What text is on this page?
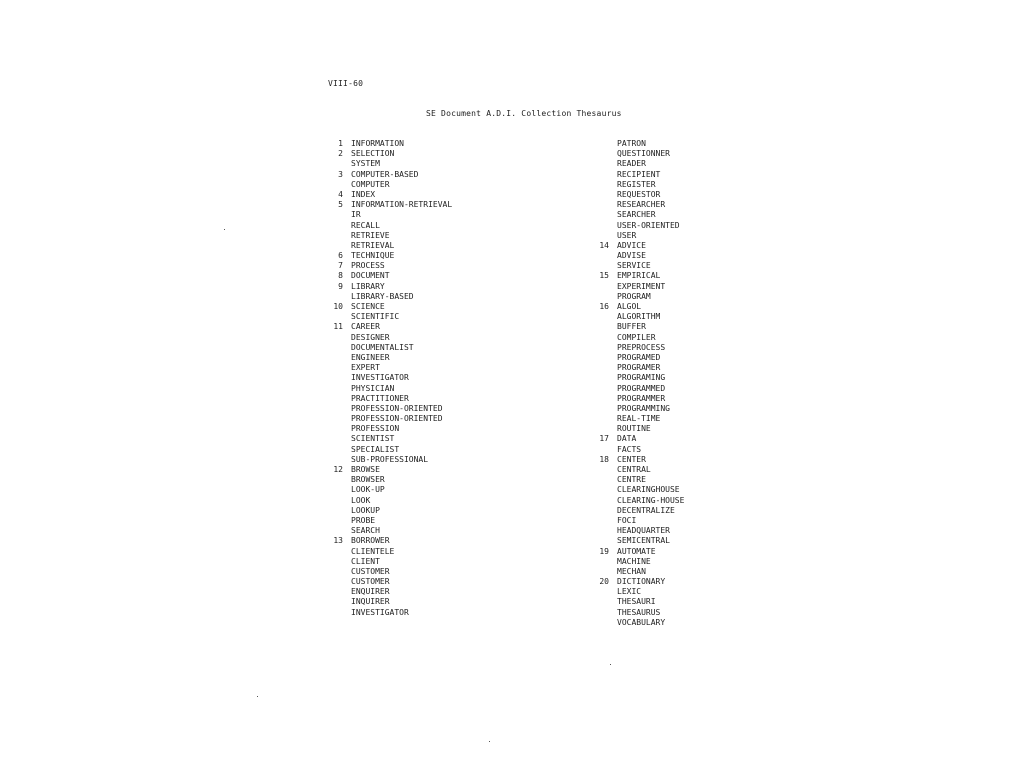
VIII-60
SE Document A.D.I. Collection Thesaurus
1 INFORMATION
2 SELECTION
SYSTEM
3 COMPUTER-BASED
COMPUTER
4 INDEX
5 INFORMATION-RETRIEVAL
IR
RECALL
RETRIEVE
RETRIEVAL
6 TECHNIQUE
7 PROCESS
8 DOCUMENT
9 LIBRARY
LIBRARY-BASED
10 SCIENCE
SCIENTIFIC
11 CAREER
DESIGNER
DOCUMENTALIST
ENGINEER
EXPERT
INVESTIGATOR
PHYSICIAN
PRACTITIONER
PROFESSION-ORIENTED
PROFESSION-ORIENTED
PROFESSION
SCIENTIST
SPECIALIST
SUB-PROFESSIONAL
12 BROWSE
BROWSER
LOOK-UP
LOOK
LOOKUP
PROBE
SEARCH
13 BORROWER
CLIENTELE
CLIENT
CUSTOMER
CUSTOMER
ENQUIRER
INQUIRER
INVESTIGATOR
PATRON
QUESTIONNER
READER
RECIPIENT
REGISTER
REQUESTOR
RESEARCHER
SEARCHER
USER-ORIENTED
USER
14 ADVICE
ADVISE
SERVICE
15 EMPIRICAL
EXPERIMENT
PROGRAM
16 ALGOL
ALGORITHM
BUFFER
COMPILER
PREPROCESS
PROGRAMED
PROGRAMER
PROGRAMING
PROGRAMMED
PROGRAMMER
PROGRAMMING
REAL-TIME
ROUTINE
17 DATA
FACTS
18 CENTER
CENTRAL
CENTRE
CLEARINGHOUSE
CLEARING-HOUSE
DECENTRALIZE
FOCI
HEADQUARTER
SEMICENTRAL
19 AUTOMATE
MACHINE
MECHAN
20 DICTIONARY
LEXIC
THESAURI
THESAURUS
VOCABULARY
